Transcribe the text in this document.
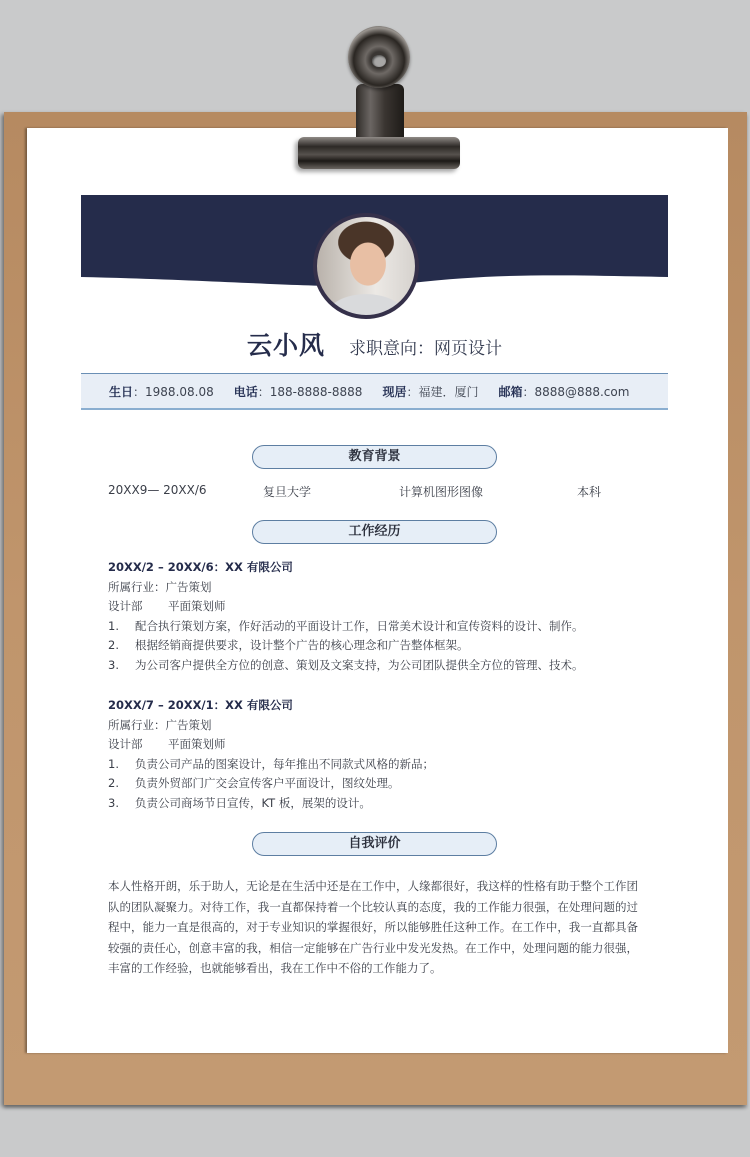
云小风 求职意向：网页设计
生日：1988.08.08 电话：188-8888-8888 现居：福建．厦门 邮箱：8888@888.com
教育背景
20XX9— 20XX/6	复旦大学	计算机图形图像	本科
工作经历
20XX/2 – 20XX/6：XX 有限公司
所属行业：广告策划
设计部 平面策划师
1. 配合执行策划方案，作好活动的平面设计工作，日常美术设计和宣传资料的设计、制作。
2. 根据经销商提供要求，设计整个广告的核心理念和广告整体框架。
3. 为公司客户提供全方位的创意、策划及文案支持，为公司团队提供全方位的管理、技术。
20XX/7 – 20XX/1：XX 有限公司
所属行业：广告策划
设计部 平面策划师
1. 负责公司产品的图案设计，每年推出不同款式风格的新品；
2. 负责外贸部门广交会宣传客户平面设计，图纹处理。
3. 负责公司商场节日宣传，KT 板，展架的设计。
自我评价
本人性格开朗，乐于助人，无论是在生活中还是在工作中，人缘都很好，我这样的性格有助于整个工作团队的团队凝聚力。对待工作，我一直都保持着一个比较认真的态度，我的工作能力很强，在处理问题的过程中，能力一直是很高的，对于专业知识的掌握很好，所以能够胜任这种工作。在工作中，我一直都具备较强的责任心，创意丰富的我，相信一定能够在广告行业中发光发热。在工作中，处理问题的能力很强，丰富的工作经验，也就能够看出，我在工作中不俗的工作能力了。
